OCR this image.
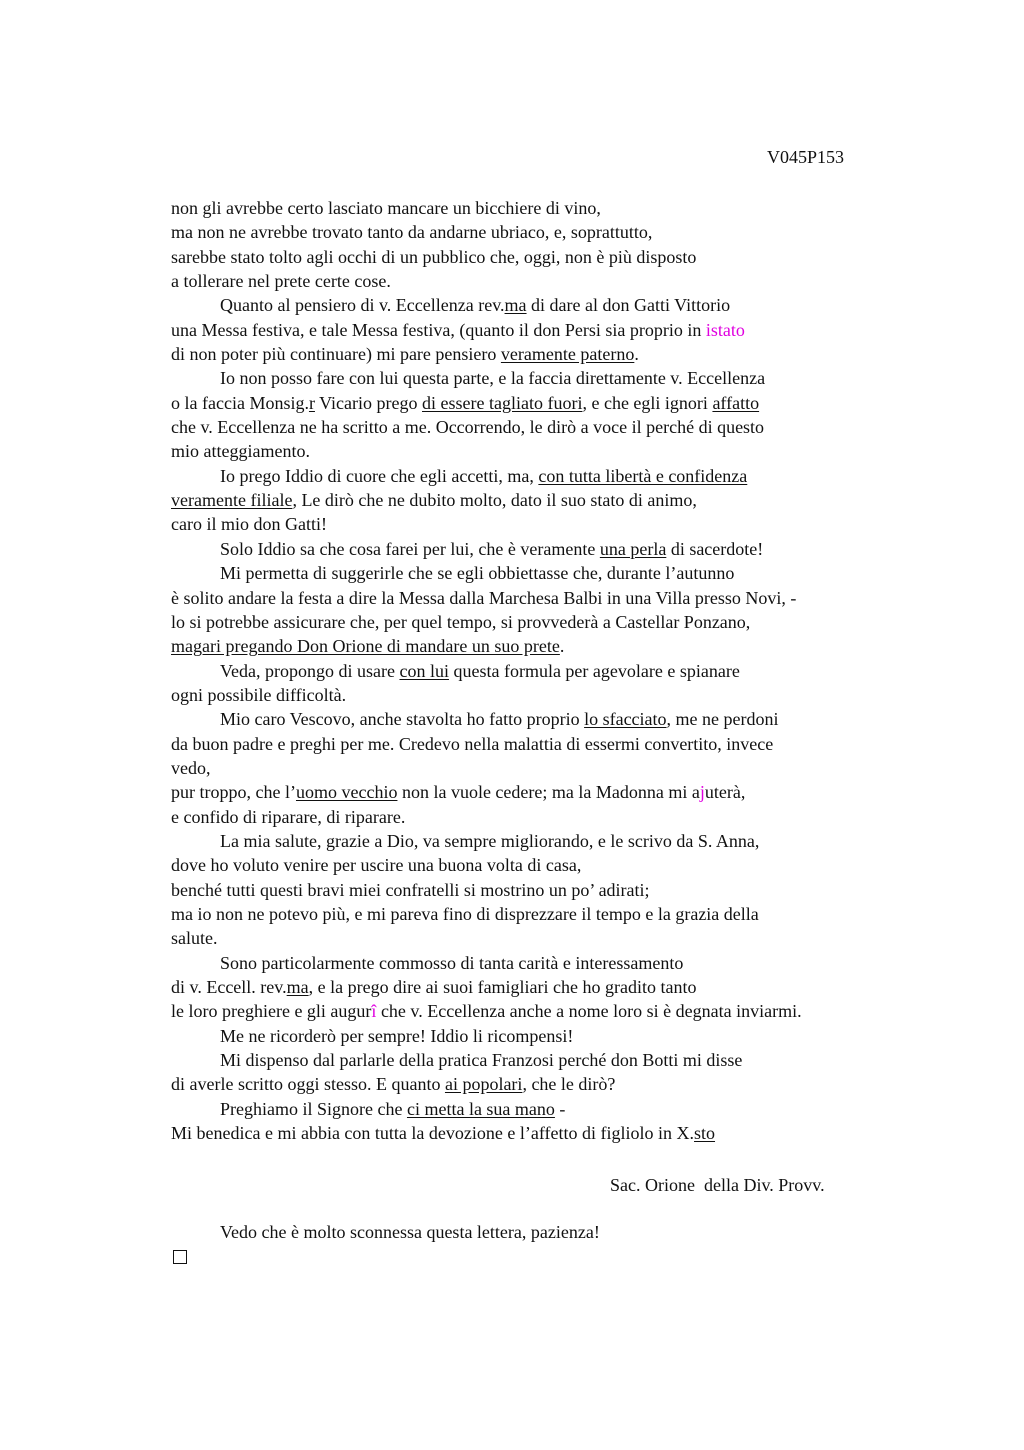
V045P153
non gli avrebbe certo lasciato mancare un bicchiere di vino,
ma non ne avrebbe trovato tanto da andarne ubriaco, e, soprattutto,
sarebbe stato tolto agli occhi di un pubblico che, oggi, non è più disposto
a tollerare nel prete certe cose.
Quanto al pensiero di v. Eccellenza rev.ma di dare al don Gatti Vittorio
una Messa festiva, e tale Messa festiva, (quanto il don Persi sia proprio in istato
di non poter più continuare) mi pare pensiero veramente paterno.
Io non posso fare con lui questa parte, e la faccia direttamente v. Eccellenza
o la faccia Monsig.r Vicario prego di essere tagliato fuori, e che egli ignori affatto
che v. Eccellenza ne ha scritto a me. Occorrendo, le dirò a voce il perché di questo
mio atteggiamento.
Io prego Iddio di cuore che egli accetti, ma, con tutta libertà e confidenza
veramente filiale, Le dirò che ne dubito molto, dato il suo stato di animo,
caro il mio don Gatti!
Solo Iddio sa che cosa farei per lui, che è veramente una perla di sacerdote!
Mi permetta di suggerirle che se egli obbiettasse che, durante l’autunno
è solito andare la festa a dire la Messa dalla Marchesa Balbi in una Villa presso Novi, -
lo si potrebbe assicurare che, per quel tempo, si provvederà a Castellar Ponzano,
magari pregando Don Orione di mandare un suo prete.
Veda, propongo di usare con lui questa formula per agevolare e spianare
ogni possibile difficoltà.
Mio caro Vescovo, anche stavolta ho fatto proprio lo sfacciato, me ne perdoni
da buon padre e preghi per me. Credevo nella malattia di essermi convertito, invece
vedo,
pur troppo, che l’uomo vecchio non la vuole cedere; ma la Madonna mi ajuterà,
e confido di riparare, di riparare.
La mia salute, grazie a Dio, va sempre migliorando, e le scrivo da S. Anna,
dove ho voluto venire per uscire una buona volta di casa,
benché tutti questi bravi miei confratelli si mostrino un po’ adirati;
ma io non ne potevo più, e mi pareva fino di disprezzare il tempo e la grazia della
salute.
Sono particolarmente commosso di tanta carità e interessamento
di v. Eccell. rev.ma, e la prego dire ai suoi famigliari che ho gradito tanto
le loro preghiere e gli augurî che v. Eccellenza anche a nome loro si è degnata inviarmi.
Me ne ricorderò per sempre! Iddio li ricompensi!
Mi dispenso dal parlarle della pratica Franzosi perché don Botti mi disse
di averle scritto oggi stesso. E quanto ai popolari, che le dirò?
Preghiamo il Signore che ci metta la sua mano -
Mi benedica e mi abbia con tutta la devozione e l’affetto di figliolo in X.sto
Sac. Orione  della Div. Provv.
Vedo che è molto sconnessa questa lettera, pazienza!
